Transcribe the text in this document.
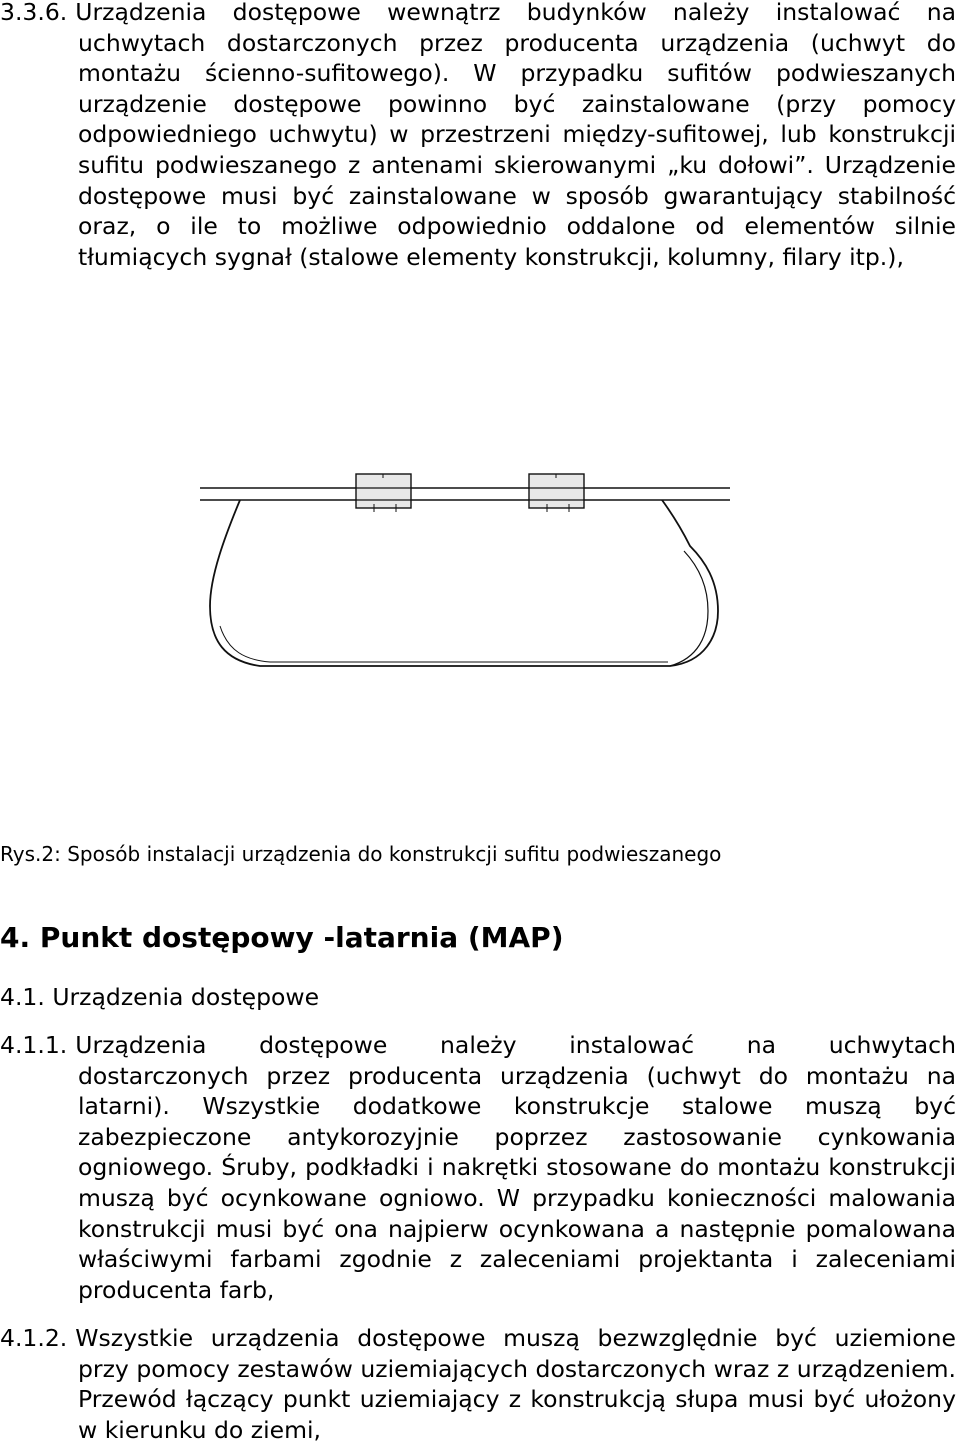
3.3.6. Urządzenia dostępowe wewnątrz budynków należy instalować na
uchwytach dostarczonych przez producenta urządzenia (uchwyt do montażu ścienno-sufitowego). W przypadku sufitów podwieszanych urządzenie dostępowe powinno być zainstalowane (przy pomocy odpowiedniego uchwytu) w przestrzeni między-sufitowej, lub konstrukcji sufitu podwieszanego z antenami skierowanymi „ku dołowi”. Urządzenie dostępowe musi być zainstalowane w sposób gwarantujący stabilność oraz, o ile to możliwe odpowiednio oddalone od elementów silnie tłumiących sygnał (stalowe elementy konstrukcji, kolumny, filary itp.),
Rys.2: Sposób instalacji urządzenia do konstrukcji sufitu podwieszanego
4. Punkt dostępowy -latarnia (MAP)
4.1. Urządzenia dostępowe
4.1.1. Urządzenia dostępowe należy instalować na uchwytach
dostarczonych przez producenta urządzenia (uchwyt do montażu na latarni). Wszystkie dodatkowe konstrukcje stalowe muszą być zabezpieczone antykorozyjnie poprzez zastosowanie cynkowania ogniowego. Śruby, podkładki i nakrętki stosowane do montażu konstrukcji muszą być ocynkowane ogniowo. W przypadku konieczności malowania konstrukcji musi być ona najpierw ocynkowana a następnie pomalowana właściwymi farbami zgodnie z zaleceniami projektanta i zaleceniami producenta farb,
4.1.2. Wszystkie urządzenia dostępowe muszą bezwzględnie być uziemione
przy pomocy zestawów uziemiających dostarczonych wraz z urządzeniem. Przewód łączący punkt uziemiający z konstrukcją słupa musi być ułożony w kierunku do ziemi,
